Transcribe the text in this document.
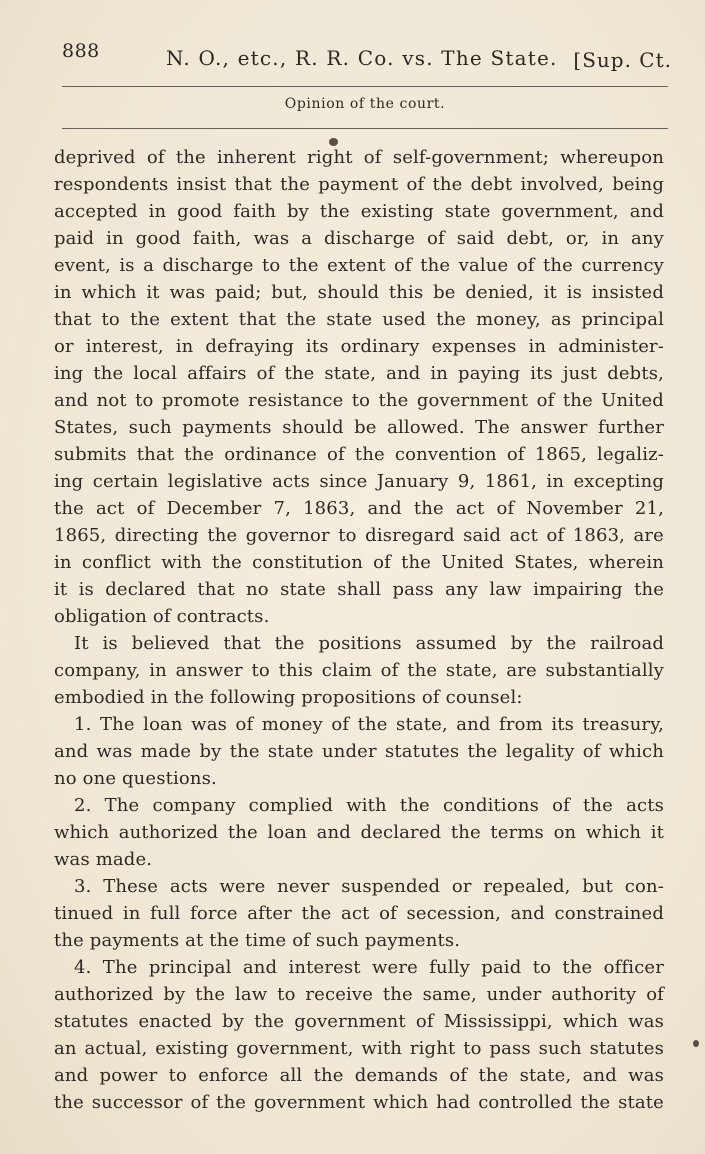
888	N. O., etc., R. R. Co. vs. The State. [Sup. Ct.
Opinion of the court.
deprived of the inherent right of self-government; whereupon
respondents insist that the payment of the debt involved, being
accepted in good faith by the existing state government, and
paid in good faith, was a discharge of said debt, or, in any
event, is a discharge to the extent of the value of the currency
in which it was paid; but, should this be denied, it is insisted
that to the extent that the state used the money, as principal
or interest, in defraying its ordinary expenses in administer-
ing the local affairs of the state, and in paying its just debts,
and not to promote resistance to the government of the United
States, such payments should be allowed. The answer further
submits that the ordinance of the convention of 1865, legaliz-
ing certain legislative acts since January 9, 1861, in excepting
the act of December 7, 1863, and the act of November 21,
1865, directing the governor to disregard said act of 1863, are
in conflict with the constitution of the United States, wherein
it is declared that no state shall pass any law impairing the
obligation of contracts.
It is believed that the positions assumed by the railroad
company, in answer to this claim of the state, are substantially
embodied in the following propositions of counsel:
1. The loan was of money of the state, and from its treasury,
and was made by the state under statutes the legality of which
no one questions.
2. The company complied with the conditions of the acts
which authorized the loan and declared the terms on which it
was made.
3. These acts were never suspended or repealed, but con-
tinued in full force after the act of secession, and constrained
the payments at the time of such payments.
4. The principal and interest were fully paid to the officer
authorized by the law to receive the same, under authority of
statutes enacted by the government of Mississippi, which was
an actual, existing government, with right to pass such statutes
and power to enforce all the demands of the state, and was
the successor of the government which had controlled the state
